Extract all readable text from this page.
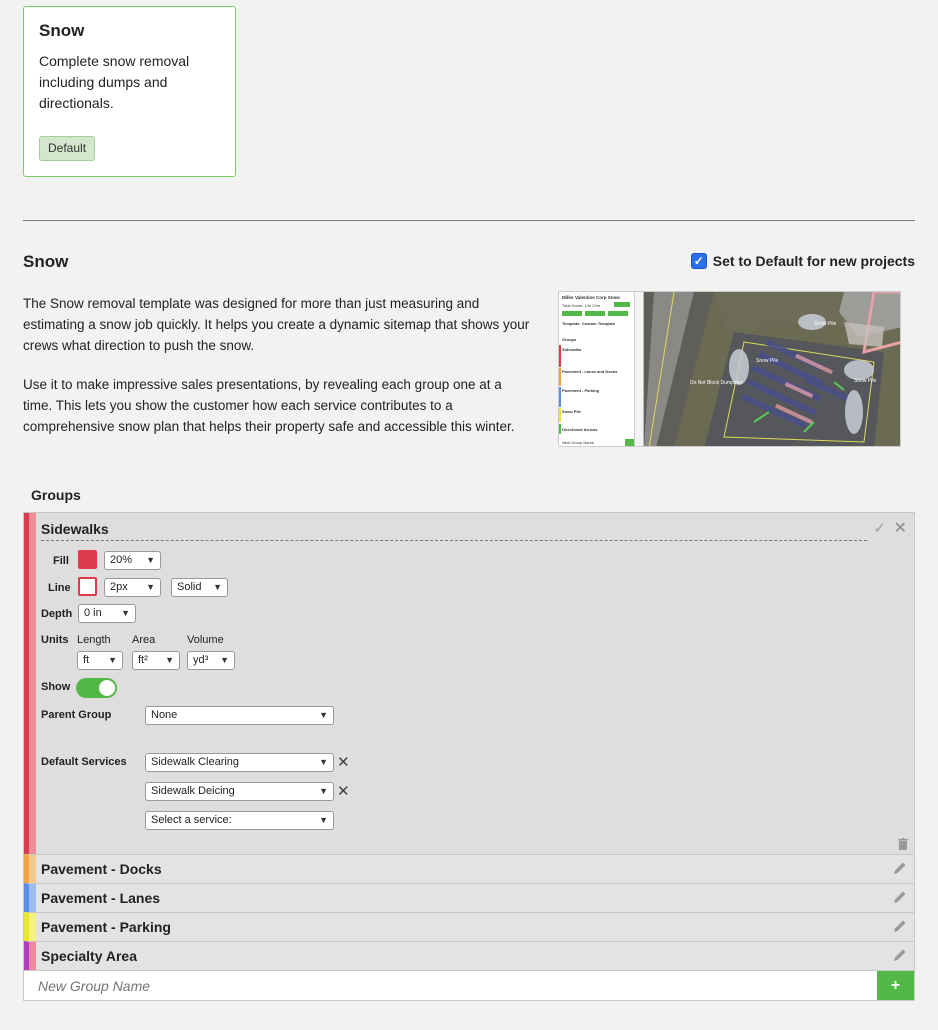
Snow

Complete snow removal including dumps and directionals.

Default
Snow	✓ Set to Default for new projects

The Snow removal template was designed for more than just measuring and estimating a snow job quickly. It helps you create a dynamic sitemap that shows your crews what direction to push the snow.

Use it to make impressive sales presentations, by revealing each group one at a time. This lets you show the customer how each service contributes to a comprehensive snow plan that helps their property safe and accessible this winter.

Miller Valentine Corp Snow
Total Hours: 14h 22m
Template: Custom Template
Groups
Sidewalks
Pavement - Lanes and Docks
Pavement - Parking
Snow Pile
Directional Arrows
New Group Name
Snow Pile
Snow Pile
Snow Pile
Do Not Block Dumpster
Groups
Sidewalks	✓ ✕
Fill	20% ▼
Line	2px ▼	Solid ▼
Depth	0 in ▼
Units Length Area	Volume
ft ▼	ft² ▼	yd³ ▼
Show
Parent Group	None	▼
Default Services	Sidewalk Clearing	▼ ✕
Sidewalk Deicing	▼ ✕
Select a service:	▼
Pavement - Docks
Pavement - Lanes
Pavement - Parking
Specialty Area
New Group Name
+
